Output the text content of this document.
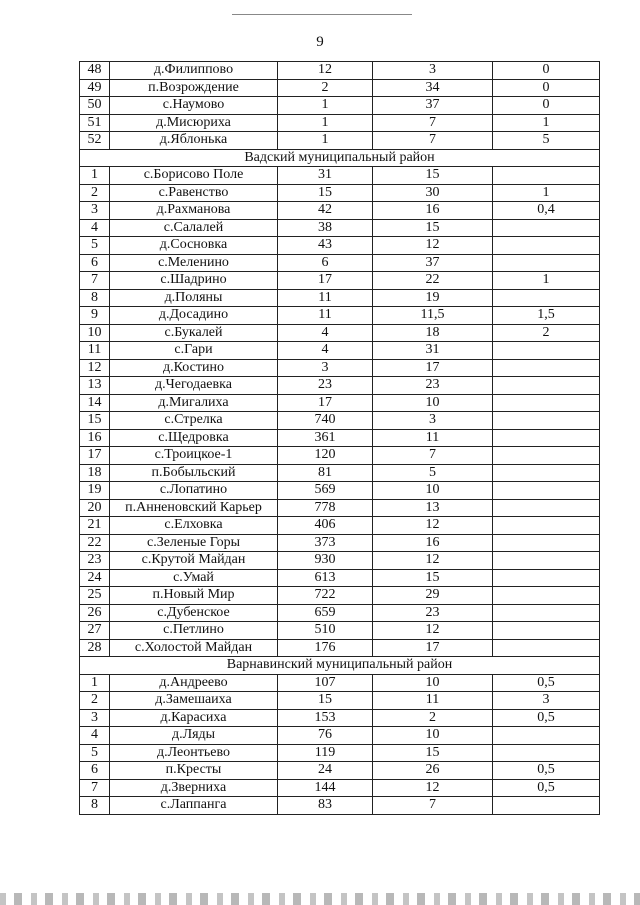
9
48	д.Филиппово	12	3	0
49	п.Возрождение	2	34	0
50	с.Наумово	1	37	0
51	д.Мисюриха	1	7	1
52	д.Яблонька	1	7	5
Вадский муниципальный район				
1	с.Борисово Поле	31	15	
2	с.Равенство	15	30	1
3	д.Рахманова	42	16	0,4
4	с.Салалей	38	15	
5	д.Сосновка	43	12	
6	с.Меленино	6	37	
7	с.Шадрино	17	22	1
8	д.Поляны	11	19	
9	д.Досадино	11	11,5	1,5
10	с.Букалей	4	18	2
11	с.Гари	4	31	
12	д.Костино	3	17	
13	д.Чегодаевка	23	23	
14	д.Мигалиха	17	10	
15	с.Стрелка	740	3	
16	с.Щедровка	361	11	
17	с.Троицкое-1	120	7	
18	п.Бобыльский	81	5	
19	с.Лопатино	569	10	
20	п.Анненовский Карьер	778	13	
21	с.Елховка	406	12	
22	с.Зеленые Горы	373	16	
23	с.Крутой Майдан	930	12	
24	с.Умай	613	15	
25	п.Новый Мир	722	29	
26	с.Дубенское	659	23	
27	с.Петлино	510	12	
28	с.Холостой Майдан	176	17	
Варнавинский муниципальный район				
1	д.Андреево	107	10	0,5
2	д.Замешаиха	15	11	3
3	д.Карасиха	153	2	0,5
4	д.Ляды	76	10	
5	д.Леонтьево	119	15	
6	п.Кресты	24	26	0,5
7	д.Зверниха	144	12	0,5
8	с.Лаппанга	83	7	
